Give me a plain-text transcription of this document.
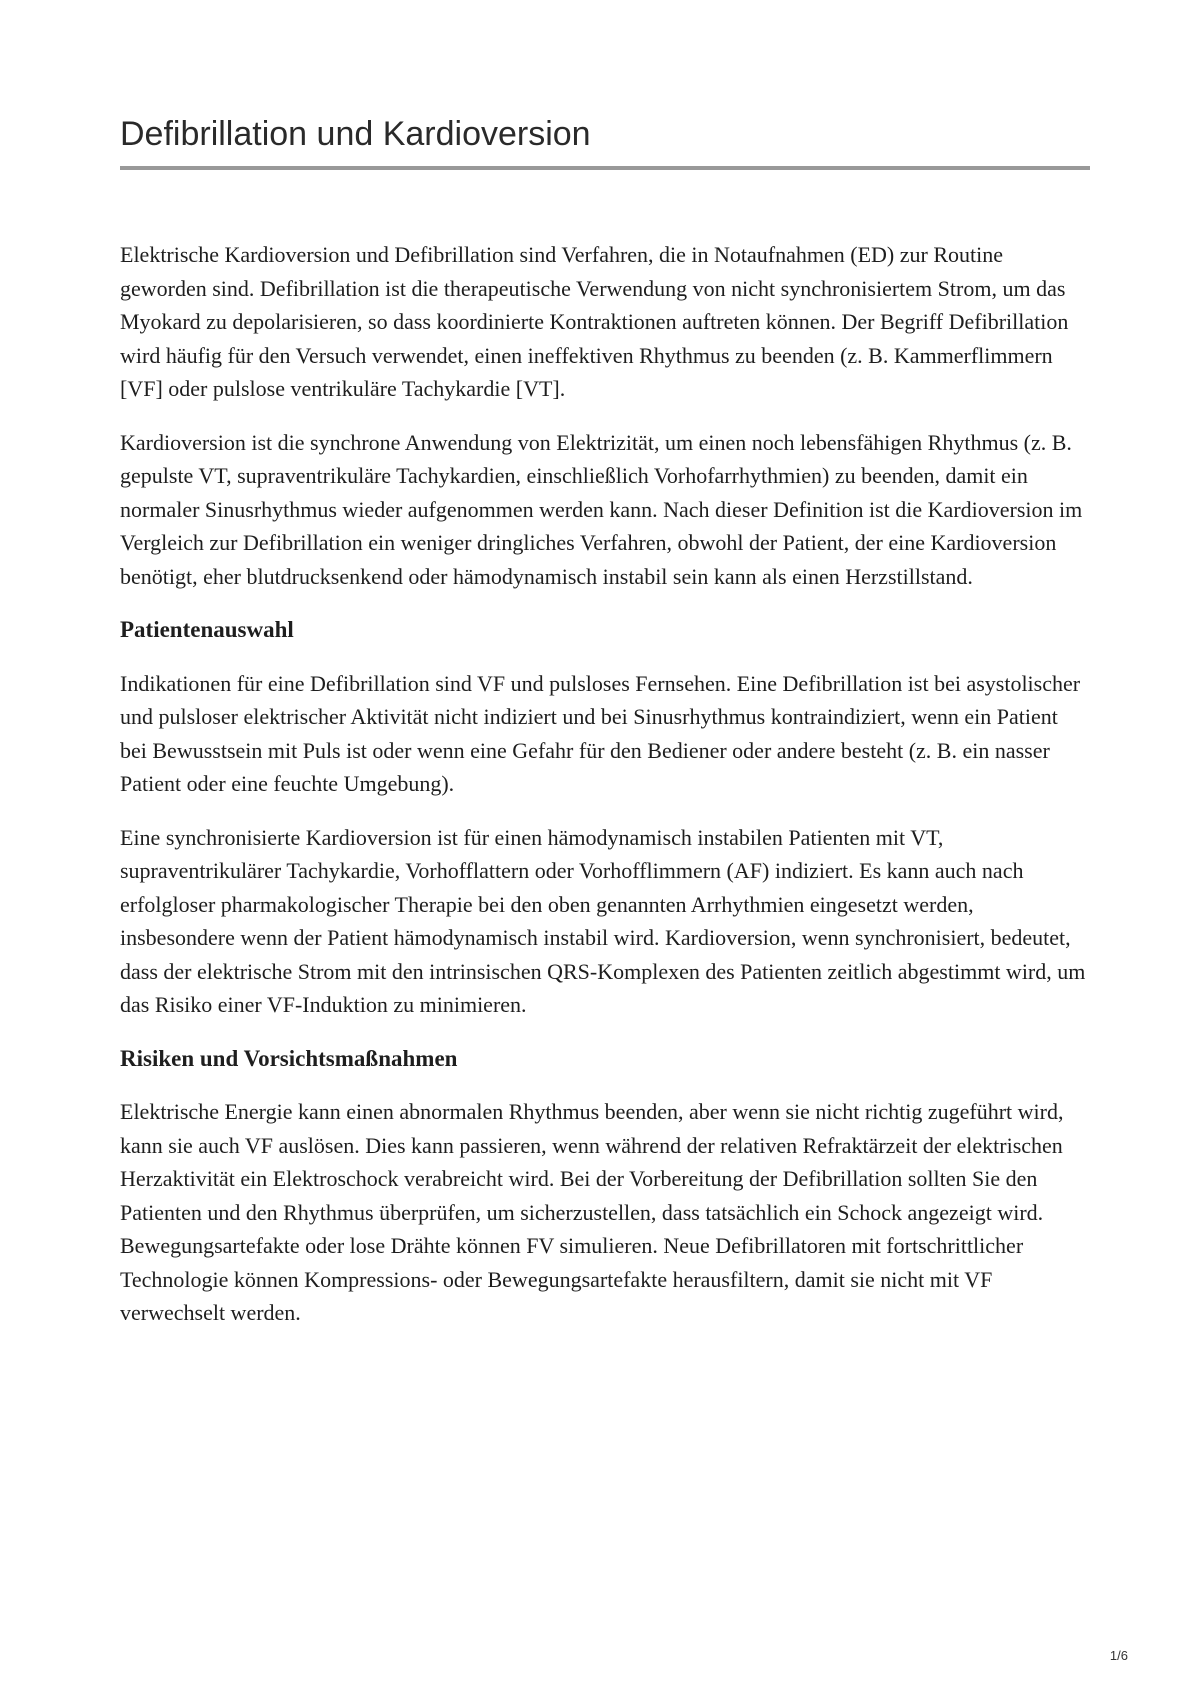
Defibrillation und Kardioversion

Elektrische Kardioversion und Defibrillation sind Verfahren, die in Notaufnahmen (ED) zur Routine geworden sind. Defibrillation ist die therapeutische Verwendung von nicht synchronisiertem Strom, um das Myokard zu depolarisieren, so dass koordinierte Kontraktionen auftreten können. Der Begriff Defibrillation wird häufig für den Versuch verwendet, einen ineffektiven Rhythmus zu beenden (z. B. Kammerflimmern [VF] oder pulslose ventrikuläre Tachykardie [VT].

Kardioversion ist die synchrone Anwendung von Elektrizität, um einen noch lebensfähigen Rhythmus (z. B. gepulste VT, supraventrikuläre Tachykardien, einschließlich Vorhofarrhythmien) zu beenden, damit ein normaler Sinusrhythmus wieder aufgenommen werden kann. Nach dieser Definition ist die Kardioversion im Vergleich zur Defibrillation ein weniger dringliches Verfahren, obwohl der Patient, der eine Kardioversion benötigt, eher blutdrucksenkend oder hämodynamisch instabil sein kann als einen Herzstillstand.

Patientenauswahl

Indikationen für eine Defibrillation sind VF und pulsloses Fernsehen. Eine Defibrillation ist bei asystolischer und pulsloser elektrischer Aktivität nicht indiziert und bei Sinusrhythmus kontraindiziert, wenn ein Patient bei Bewusstsein mit Puls ist oder wenn eine Gefahr für den Bediener oder andere besteht (z. B. ein nasser Patient oder eine feuchte Umgebung).

Eine synchronisierte Kardioversion ist für einen hämodynamisch instabilen Patienten mit VT, supraventrikulärer Tachykardie, Vorhofflattern oder Vorhofflimmern (AF) indiziert. Es kann auch nach erfolgloser pharmakologischer Therapie bei den oben genannten Arrhythmien eingesetzt werden, insbesondere wenn der Patient hämodynamisch instabil wird. Kardioversion, wenn synchronisiert, bedeutet, dass der elektrische Strom mit den intrinsischen QRS-Komplexen des Patienten zeitlich abgestimmt wird, um das Risiko einer VF-Induktion zu minimieren.

Risiken und Vorsichtsmaßnahmen

Elektrische Energie kann einen abnormalen Rhythmus beenden, aber wenn sie nicht richtig zugeführt wird, kann sie auch VF auslösen. Dies kann passieren, wenn während der relativen Refraktärzeit der elektrischen Herzaktivität ein Elektroschock verabreicht wird. Bei der Vorbereitung der Defibrillation sollten Sie den Patienten und den Rhythmus überprüfen, um sicherzustellen, dass tatsächlich ein Schock angezeigt wird. Bewegungsartefakte oder lose Drähte können FV simulieren. Neue Defibrillatoren mit fortschrittlicher Technologie können Kompressions- oder Bewegungsartefakte herausfiltern, damit sie nicht mit VF verwechselt werden.

1/6
